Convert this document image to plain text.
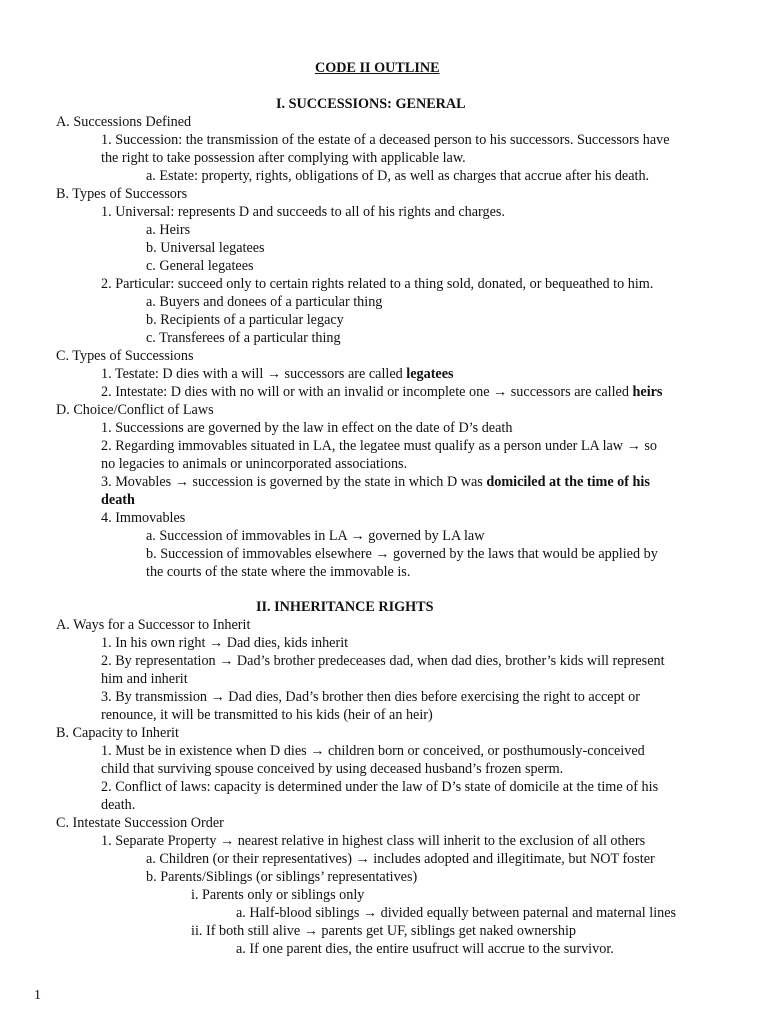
CODE II OUTLINE
I. SUCCESSIONS: GENERAL
A. Successions Defined
1. Succession: the transmission of the estate of a deceased person to his successors. Successors have
the right to take possession after complying with applicable law.
a. Estate: property, rights, obligations of D, as well as charges that accrue after his death.
B. Types of Successors
1. Universal: represents D and succeeds to all of his rights and charges.
a. Heirs
b. Universal legatees
c. General legatees
2. Particular: succeed only to certain rights related to a thing sold, donated, or bequeathed to him.
a. Buyers and donees of a particular thing
b. Recipients of a particular legacy
c. Transferees of a particular thing
C. Types of Successions
1. Testate: D dies with a will → successors are called legatees
2. Intestate: D dies with no will or with an invalid or incomplete one → successors are called heirs
D. Choice/Conflict of Laws
1. Successions are governed by the law in effect on the date of D’s death
2. Regarding immovables situated in LA, the legatee must qualify as a person under LA law → so
no legacies to animals or unincorporated associations.
3. Movables → succession is governed by the state in which D was domiciled at the time of his
death
4. Immovables
a. Succession of immovables in LA → governed by LA law
b. Succession of immovables elsewhere → governed by the laws that would be applied by
the courts of the state where the immovable is.
II. INHERITANCE RIGHTS
A. Ways for a Successor to Inherit
1. In his own right → Dad dies, kids inherit
2. By representation → Dad’s brother predeceases dad, when dad dies, brother’s kids will represent
him and inherit
3. By transmission → Dad dies, Dad’s brother then dies before exercising the right to accept or
renounce, it will be transmitted to his kids (heir of an heir)
B. Capacity to Inherit
1. Must be in existence when D dies → children born or conceived, or posthumously-conceived
child that surviving spouse conceived by using deceased husband’s frozen sperm.
2. Conflict of laws: capacity is determined under the law of D’s state of domicile at the time of his
death.
C. Intestate Succession Order
1. Separate Property → nearest relative in highest class will inherit to the exclusion of all others
a. Children (or their representatives) → includes adopted and illegitimate, but NOT foster
b. Parents/Siblings (or siblings’ representatives)
i. Parents only or siblings only
a. Half-blood siblings → divided equally between paternal and maternal lines
ii. If both still alive → parents get UF, siblings get naked ownership
a. If one parent dies, the entire usufruct will accrue to the survivor.
1
